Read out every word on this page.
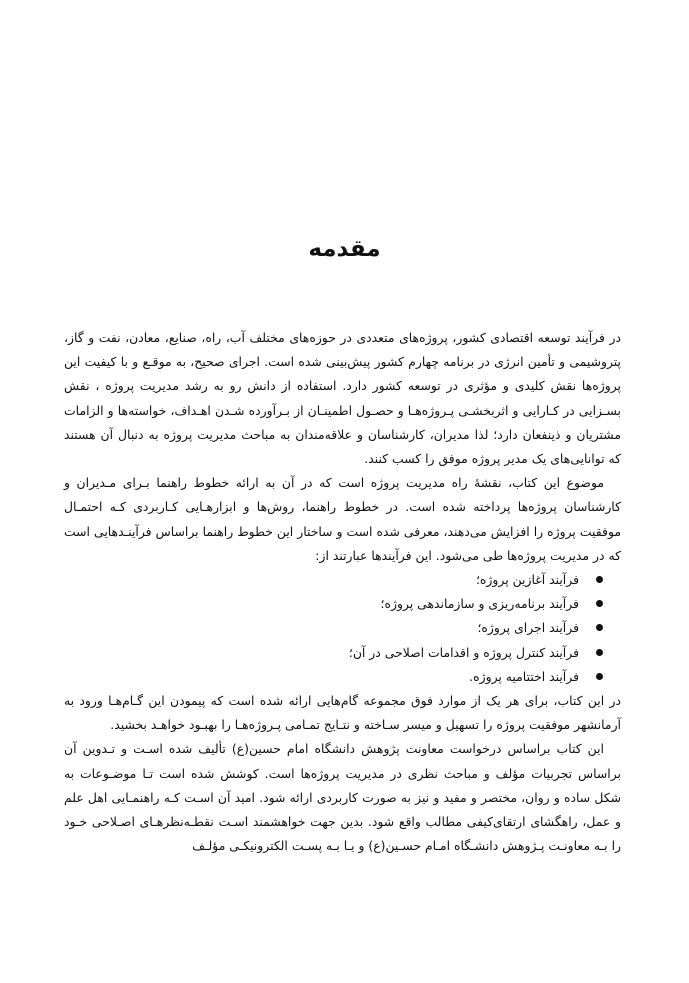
مقدمه

در فرآیند توسعه اقتصادی کشور، پروژه‌های متعددی در حوزه‌های مختلف آب، راه، صنایع، معادن، نفت و گاز، پتروشیمی و تأمین انرژی در برنامه چهارم کشور پیش‌بینی شده است. اجرای صحیح، به موقـع و با کیفیت این پروژه‌ها نقش کلیدی و مؤثری در توسعه کشور دارد. استفاده از دانش رو به رشد مدیریت پروژه ، نقش بسـزایی در کـارایی و اثربخشـی پـروژه‌هـا و حصـول اطمینـان از بـرآورده شـدن اهـداف، خواسته‌ها و الزامات مشتریان و ذینفعان دارد؛ لذا مدیران، کارشناسان و علاقه‌مندان به مباحث مدیریت پروژه به دنبال آن هستند که توانایی‌های یک مدیر پروژه موفق را کسب کنند.

موضوع این کتاب، نقشهٔ راه مدیریت پروژه است که در آن به ارائه خطوط راهنما بـرای مـدیران و کارشناسان پروژه‌ها پرداخته شده است. در خطوط راهنما، روش‌ها و ابزارهـایی کـاربردی کـه احتمـال موفقیت پروژه را افزایش می‌دهند، معرفی شده است و ساختار این خطوط راهنما براساس فرآینـدهایی است که در مدیریت پروژه‌ها طی می‌شود. این فرآیندها عبارتند از:

فرآیند آغازین پروژه؛
فرآیند برنامه‌ریزی و سازماندهی پروژه؛
فرآیند اجرای پروژه؛
فرآیند کنترل پروژه و اقدامات اصلاحی در آن؛
فرآیند اختتامیه پروژه.

در این کتاب، برای هر یک از موارد فوق مجموعه گام‌هایی ارائه شده است که پیمودن این گـام‌هـا ورود به آرمانشهر موفقیت پروژه را تسهیل و میسر سـاخته و نتـایج تمـامی پـروژه‌هـا را بهبـود خواهـد بخشید.

این کتاب براساس درخواست معاونت پژوهش دانشگاه امام حسین(ع) تألیف شده اسـت و تـدوین آن براساس تجربیات مؤلف و مباحث نظری در مدیریت پروژه‌ها است. کوشش شده است تـا موضـوعات به شکل ساده و روان، مختصر و مفید و نیز به صورت کاربردی ارائه شود. امید آن اسـت کـه راهنمـایی اهل علم و عمل، راهگشای ارتقای‌کیفی مطالب واقع شود. بدین جهت خواهشمند اسـت نقطـه‌نظرهـای اصـلاحی خـود را بـه معاونـت پـژوهش دانشـگاه امـام حسـین(ع) و یـا بـه پسـت الکترونیکـی مؤلـف
